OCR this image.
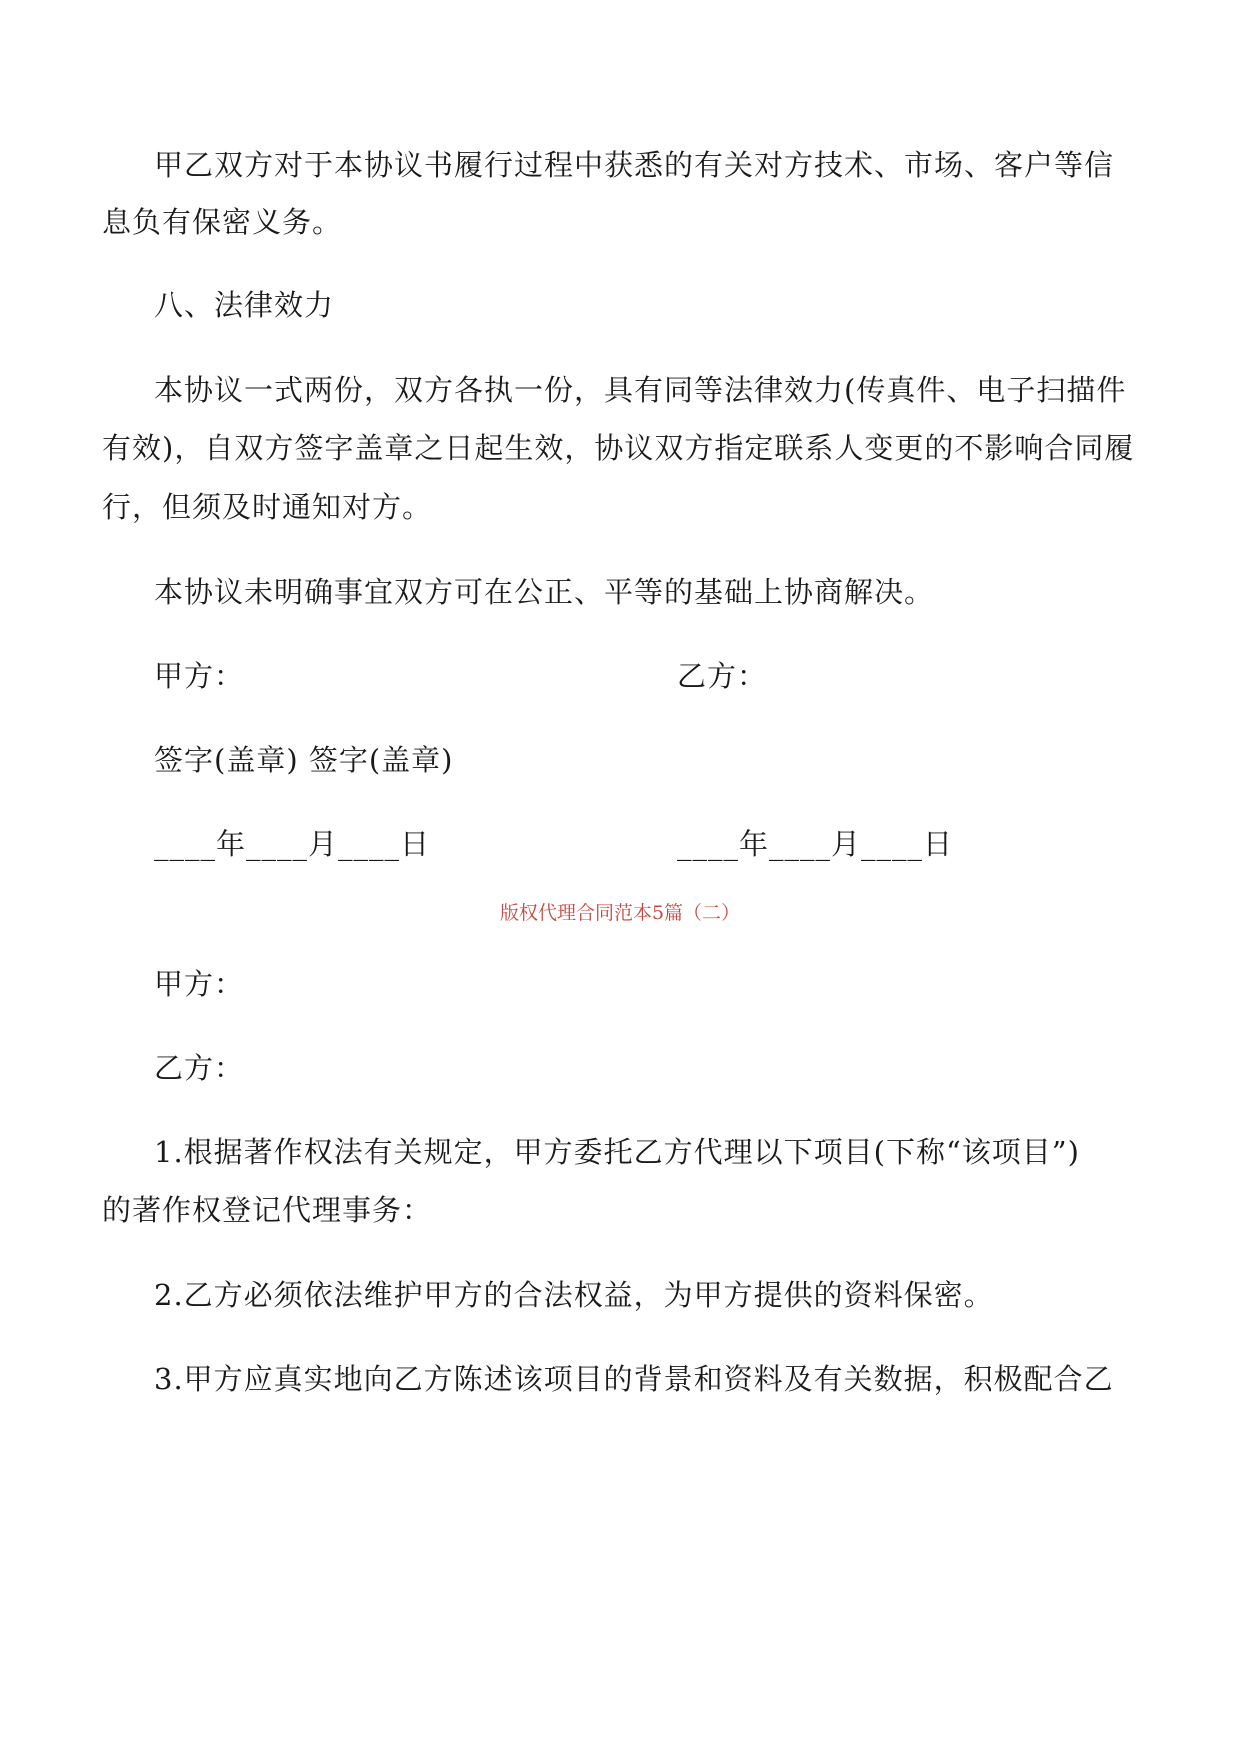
甲乙双方对于本协议书履行过程中获悉的有关对方技术、市场、客户等信
息负有保密义务。
八、法律效力
本协议一式两份，双方各执一份，具有同等法律效力(传真件、电子扫描件
有效)，自双方签字盖章之日起生效，协议双方指定联系人变更的不影响合同履
行，但须及时通知对方。
本协议未明确事宜双方可在公正、平等的基础上协商解决。
甲方：	乙方：
签字(盖章) 签字(盖章)
____年____月____日	____年____月____日
版权代理合同范本5篇（二）
甲方：
乙方：
1.根据著作权法有关规定，甲方委托乙方代理以下项目(下称“该项目”)
的著作权登记代理事务：
2.乙方必须依法维护甲方的合法权益，为甲方提供的资料保密。
3.甲方应真实地向乙方陈述该项目的背景和资料及有关数据，积极配合乙
